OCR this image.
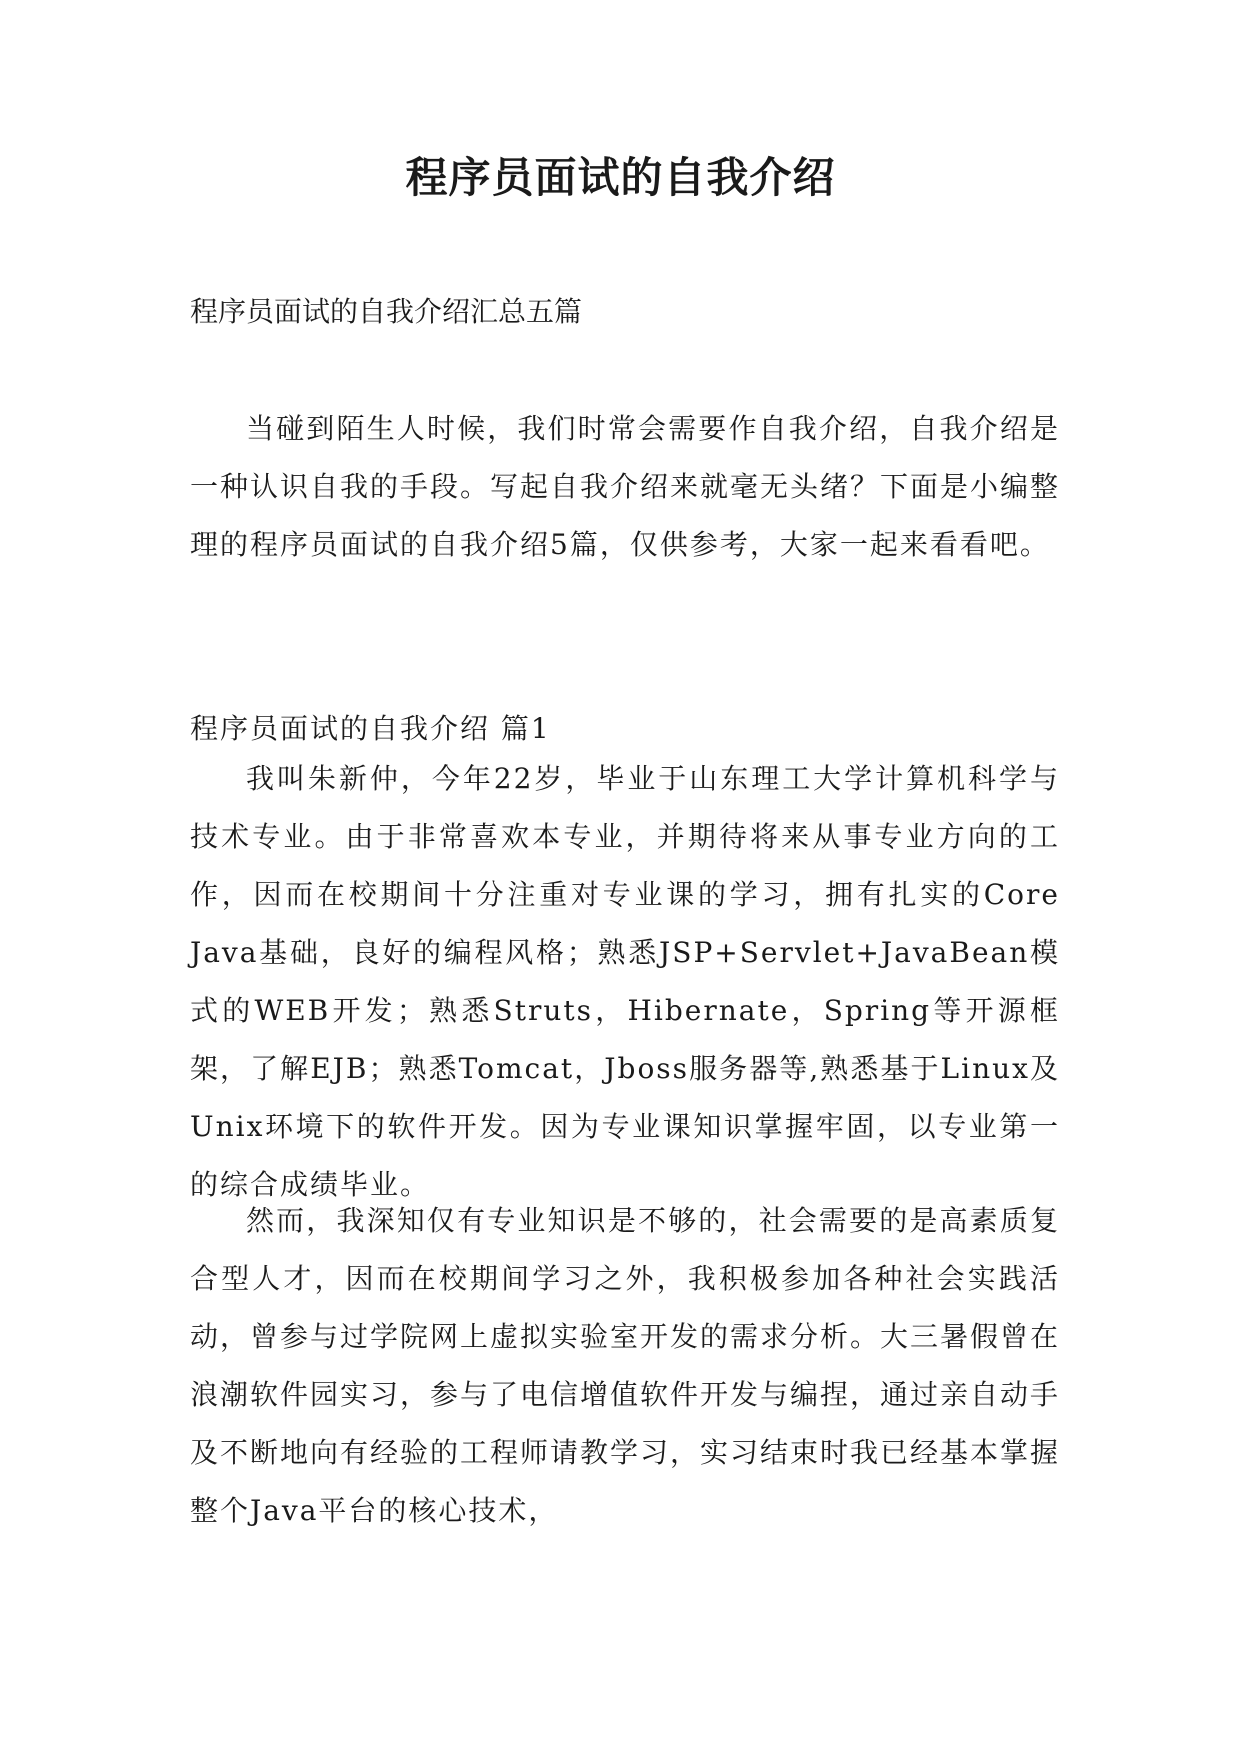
程序员面试的自我介绍
程序员面试的自我介绍汇总五篇

当碰到陌生人时候，我们时常会需要作自我介绍，自我介绍是一种认识自我的手段。写起自我介绍来就毫无头绪？下面是小编整理的程序员面试的自我介绍5篇，仅供参考，大家一起来看看吧。

程序员面试的自我介绍 篇1

我叫朱新仲，今年22岁，毕业于山东理工大学计算机科学与技术专业。由于非常喜欢本专业，并期待将来从事专业方向的工作，因而在校期间十分注重对专业课的学习，拥有扎实的Core Java基础，良好的编程风格；熟悉JSP+Servlet+JavaBean模式的WEB开发；熟悉Struts，Hibernate，Spring等开源框架，了解EJB；熟悉Tomcat，Jboss服务器等,熟悉基于Linux及Unix环境下的软件开发。因为专业课知识掌握牢固，以专业第一的综合成绩毕业。

然而，我深知仅有专业知识是不够的，社会需要的是高素质复合型人才，因而在校期间学习之外，我积极参加各种社会实践活动，曾参与过学院网上虚拟实验室开发的需求分析。大三暑假曾在浪潮软件园实习，参与了电信增值软件开发与编捏，通过亲自动手及不断地向有经验的工程师请教学习，实习结束时我已经基本掌握整个Java平台的核心技术，
